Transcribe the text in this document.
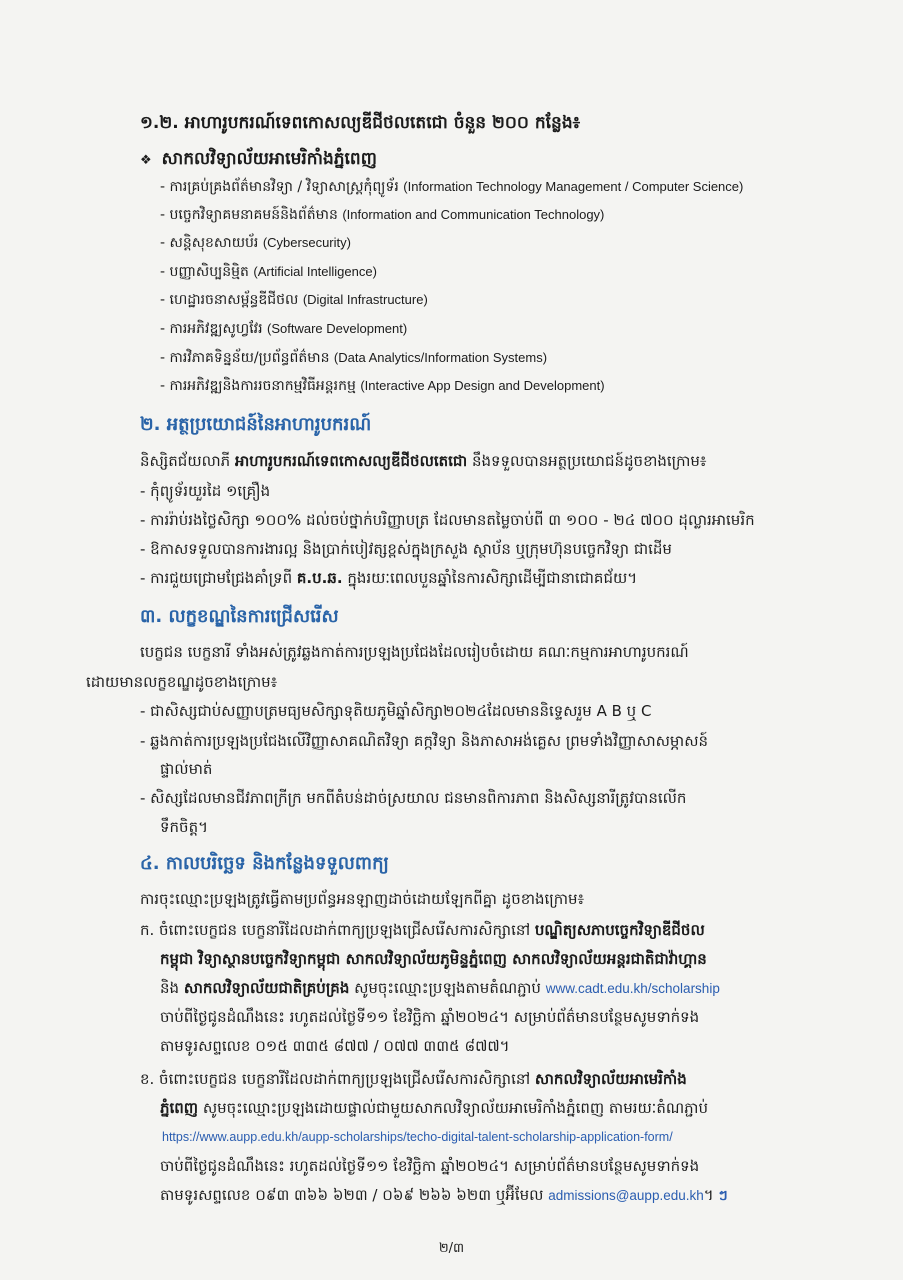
១.២. អាហារូបករណ៍ទេពកោសល្យឌីជីថលតេជោ ចំនួន ២០០ កន្លែង៖
❖ សាកលវិទ្យាល័យអាមេរិកាំងភ្នំពេញ
- ការគ្រប់គ្រងព័ត៌មានវិទ្យា / វិទ្យាសាស្ត្រកុំព្យូទ័រ (Information Technology Management / Computer Science)
- បច្ចេកវិទ្យាគមនាគមន៍និងព័ត៌មាន (Information and Communication Technology)
- សន្តិសុខសាយប័រ (Cybersecurity)
- បញ្ញាសិប្បនិម្មិត (Artificial Intelligence)
- ហេដ្ឋារចនាសម្ព័ន្ធឌីជីថល (Digital Infrastructure)
- ការអភិវឌ្ឍសូហ្វវែរ (Software Development)
- ការវិភាគទិន្នន័យ/ប្រព័ន្ធព័ត៌មាន (Data Analytics/Information Systems)
- ការអភិវឌ្ឍនិងការរចនាកម្មវិធីអន្តរកម្ម (Interactive App Design and Development)
២. អត្ថប្រយោជន៍នៃអាហារូបករណ៍
និស្សិតជ័យលាភី អាហារូបករណ៍ទេពកោសល្យឌីជីថលតេជោ នឹងទទួលបានអត្ថប្រយោជន៍ដូចខាងក្រោម៖
- កុំព្យូទ័រយួរដៃ ១គ្រឿង
- ការរ៉ាប់រងថ្លៃសិក្សា ១០០% ដល់ចប់ថ្នាក់បរិញ្ញាបត្រ ដែលមានតម្លៃចាប់ពី ៣ ១០០ - ២៤ ៧០០ ដុល្លារអាមេរិក
- ឱកាសទទួលបានការងារល្អ និងប្រាក់បៀវត្សខ្ពស់ក្នុងក្រសួង ស្ថាប័ន ឬក្រុមហ៊ុនបច្ចេកវិទ្យា ជាដើម
- ការជួយជ្រោមជ្រែងគាំទ្រពី គ.ប.ឆ. ក្នុងរយៈពេលបួនឆ្នាំនៃការសិក្សាដើម្បីជានាជោគជ័យ។
៣. លក្ខខណ្ឌនៃការជ្រើសរើស
បេក្ខជន បេក្ខនារី ទាំងអស់ត្រូវឆ្លងកាត់ការប្រឡងប្រជែងដែលរៀបចំដោយ គណៈកម្មការអាហារូបករណ៍
ដោយមានលក្ខខណ្ឌដូចខាងក្រោម៖
- ជាសិស្សជាប់សញ្ញាបត្រមធ្យមសិក្សាទុតិយភូមិឆ្នាំសិក្សា២០២៤ដែលមាននិទ្ទេសរួម A B ឬ C
- ឆ្លងកាត់ការប្រឡងប្រជែងលើវិញ្ញាសាគណិតវិទ្យា គក្កវិទ្យា និងភាសាអង់គ្លេស ព្រមទាំងវិញ្ញាសាសម្ភាសន៍
ផ្ទាល់មាត់
- សិស្សដែលមានជីវភាពក្រីក្រ មកពីតំបន់ដាច់ស្រយាល ជនមានពិការភាព និងសិស្សនារីត្រូវបានលើក
ទឹកចិត្ត។
៤. កាលបរិច្ឆេទ និងកន្លែងទទួលពាក្យ
ការចុះឈ្មោះប្រឡងត្រូវធ្វើតាមប្រព័ន្ធអនឡាញដាច់ដោយឡែកពីគ្នា ដូចខាងក្រោម៖
ក. ចំពោះបេក្ខជន បេក្ខនារីដែលដាក់ពាក្យប្រឡងជ្រើសរើសការសិក្សានៅ បណ្ឌិត្យសភាបច្ចេកវិទ្យាឌីជីថល
កម្ពុជា វិទ្យាស្ថានបច្ចេកវិទ្យាកម្ពុជា សាកលវិទ្យាល័យភូមិន្ទភ្នំពេញ សាកលវិទ្យាល័យអន្តរជាតិជាវ៉ាហ្គាន
និង សាកលវិទ្យាល័យជាតិគ្រប់គ្រង សូមចុះឈ្មោះប្រឡងតាមតំណភ្ជាប់ www.cadt.edu.kh/scholarship
ចាប់ពីថ្ងៃជូនដំណឹងនេះ រហូតដល់ថ្ងៃទី១១ ខែវិច្ឆិកា ឆ្នាំ២០២៤។ សម្រាប់ព័ត៌មានបន្ថែមសូមទាក់ទង
តាមទូរសព្ទលេខ ០១៥ ៣៣៥ ៨៧៧ / ០៧៧ ៣៣៥ ៨៧៧។
ខ. ចំពោះបេក្ខជន បេក្ខនារីដែលដាក់ពាក្យប្រឡងជ្រើសរើសការសិក្សានៅ សាកលវិទ្យាល័យអាមេរិកាំង
ភ្នំពេញ សូមចុះឈ្មោះប្រឡងដោយផ្ទាល់ជាមួយសាកលវិទ្យាល័យអាមេរិកាំងភ្នំពេញ តាមរយៈតំណភ្ជាប់
https://www.aupp.edu.kh/aupp-scholarships/techo-digital-talent-scholarship-application-form/
ចាប់ពីថ្ងៃជូនដំណឹងនេះ រហូតដល់ថ្ងៃទី១១ ខែវិច្ឆិកា ឆ្នាំ២០២៤។ សម្រាប់ព័ត៌មានបន្ថែមសូមទាក់ទង
តាមទូរសព្ទលេខ ០៩៣ ៣៦៦ ៦២៣ / ០៦៩ ២៦៦ ៦២៣ ឬអ៊ីមែល admissions@aupp.edu.kh។ ៗ
២/៣
